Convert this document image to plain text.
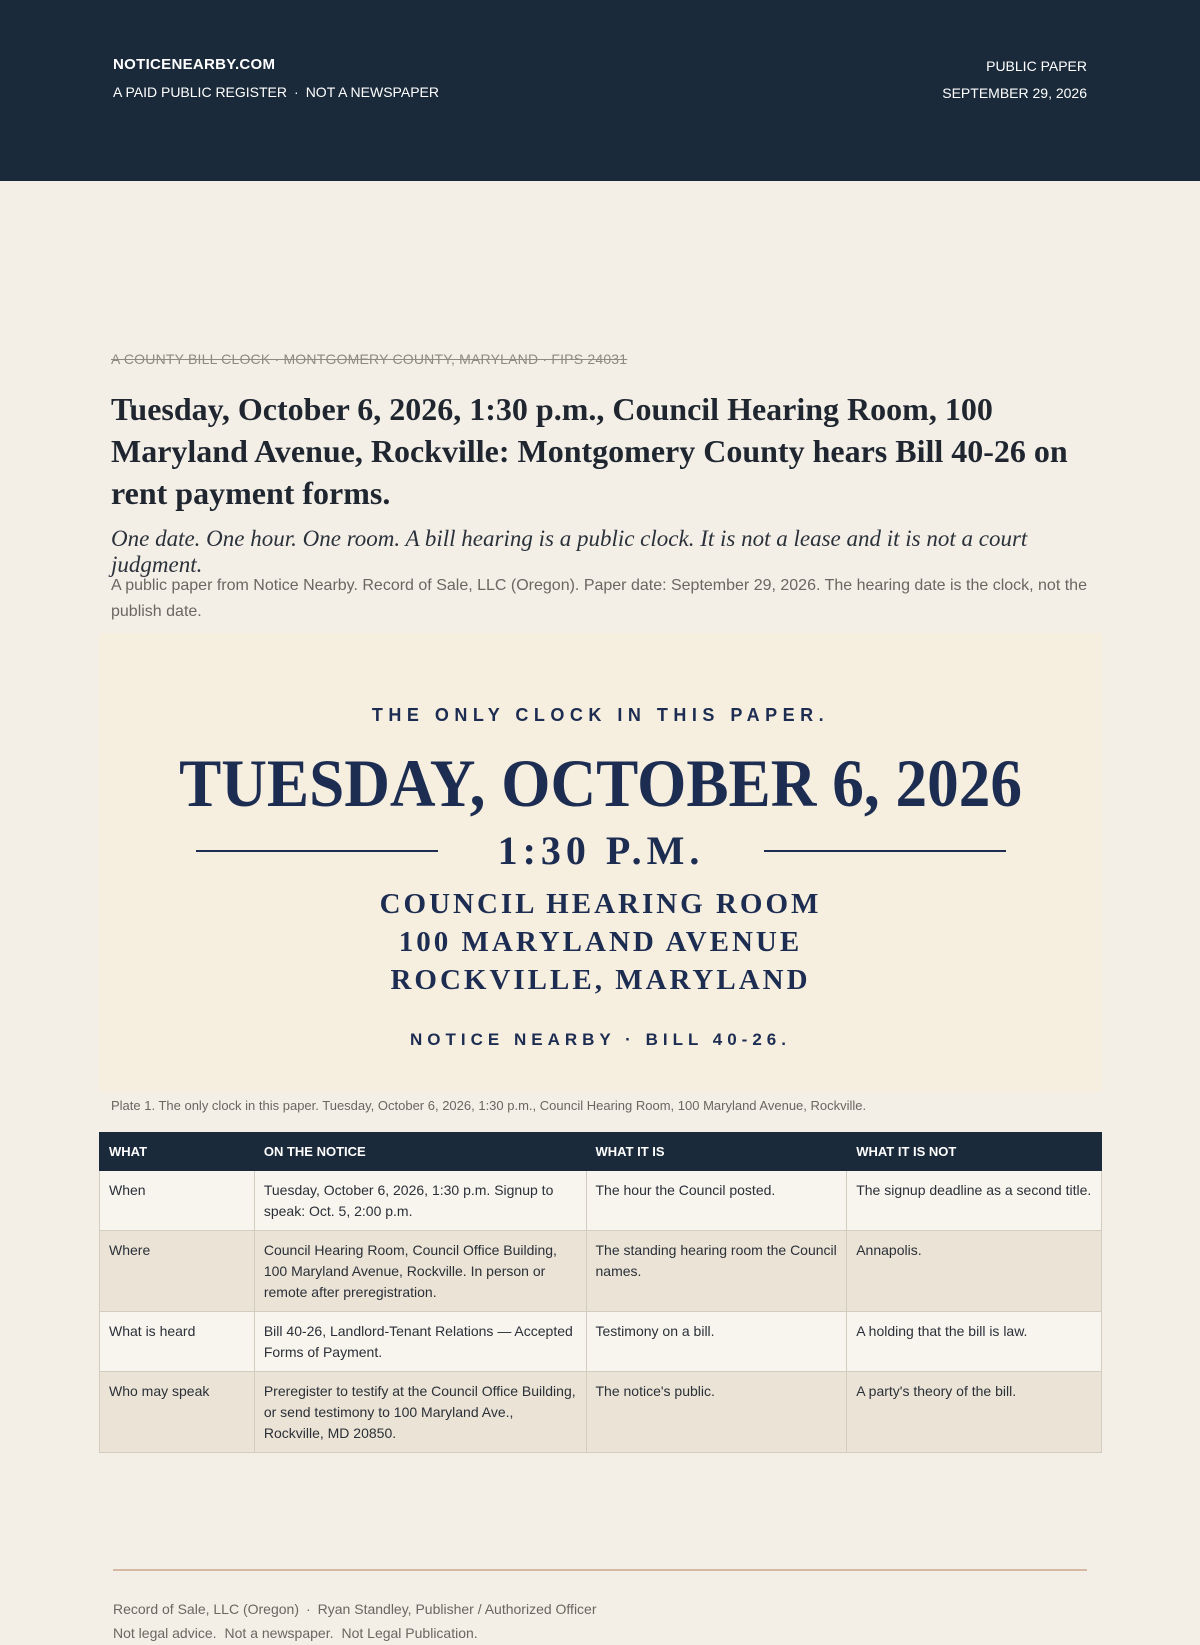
NOTICENEARBY.COM
A PAID PUBLIC REGISTER · NOT A NEWSPAPER
PUBLIC PAPER
SEPTEMBER 29, 2026
A COUNTY BILL CLOCK · MONTGOMERY COUNTY, MARYLAND · FIPS 24031
Tuesday, October 6, 2026, 1:30 p.m., Council Hearing Room, 100 Maryland Avenue, Rockville: Montgomery County hears Bill 40-26 on rent payment forms.

One date. One hour. One room. A bill hearing is a public clock. It is not a lease and it is not a court judgment.

A public paper from Notice Nearby. Record of Sale, LLC (Oregon). Paper date: September 29, 2026. The hearing date is the clock, not the publish date.

THE ONLY CLOCK IN THIS PAPER.
TUESDAY, OCTOBER 6, 2026
1:30 P.M.
COUNCIL HEARING ROOM
100 MARYLAND AVENUE
ROCKVILLE, MARYLAND
NOTICE NEARBY · BILL 40-26.
Plate 1. The only clock in this paper. Tuesday, October 6, 2026, 1:30 p.m., Council Hearing Room, 100 Maryland Avenue, Rockville.
WHAT	ON THE NOTICE	WHAT IT IS	WHAT IT IS NOT
When	Tuesday, October 6, 2026, 1:30 p.m. Signup to speak: Oct. 5, 2:00 p.m.	The hour the Council posted.	The signup deadline as a second title.
Where	Council Hearing Room, Council Office Building, 100 Maryland Avenue, Rockville. In person or remote after preregistration.	The standing hearing room the Council names.	Annapolis.
What is heard	Bill 40-26, Landlord-Tenant Relations — Accepted Forms of Payment.	Testimony on a bill.	A holding that the bill is law.
Who may speak	Preregister to testify at the Council Office Building, or send testimony to 100 Maryland Ave., Rockville, MD 20850.	The notice's public.	A party's theory of the bill.
Record of Sale, LLC (Oregon) · Ryan Standley, Publisher / Authorized Officer
Not legal advice. Not a newspaper. Not Legal Publication.
